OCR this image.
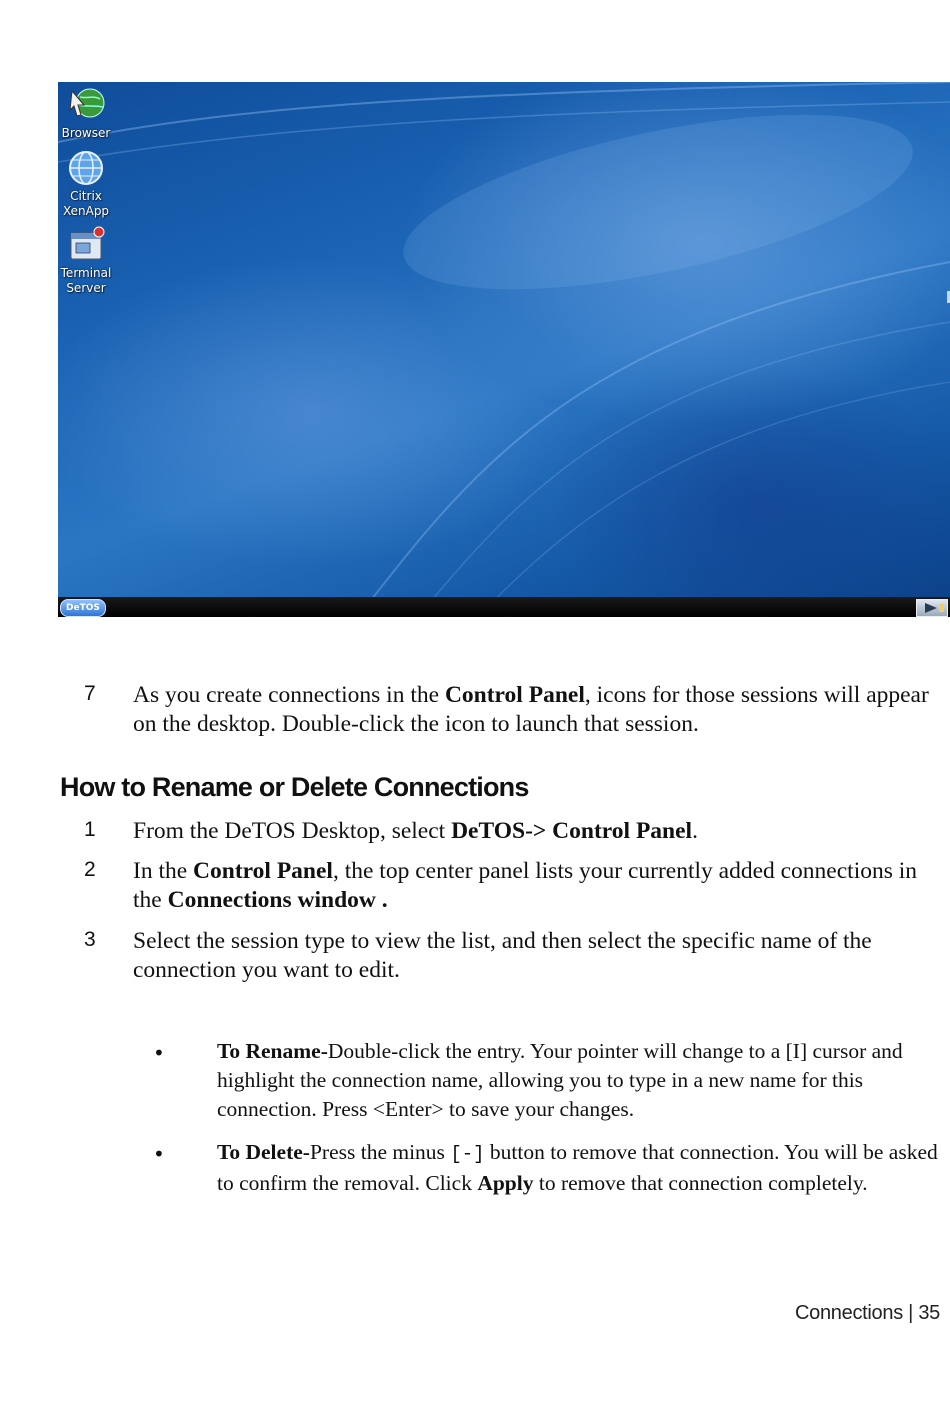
Browser
Citrix
XenApp
Terminal
Server
DeTOS
7	As you create connections in the Control Panel, icons for those sessions will appear on the desktop. Double-click the icon to launch that session.

How to Rename or Delete Connections
1	From the DeTOS Desktop, select DeTOS-> Control Panel.

2	In the Control Panel, the top center panel lists your currently added connections in the Connections window .

3	Select the session type to view the list, and then select the specific name of the connection you want to edit.

• To Rename-Double-click the entry. Your pointer will change to a [I] cursor and highlight the connection name, allowing you to type in a new name for this connection. Press <Enter> to save your changes.

• To Delete-Press the minus [-] button to remove that connection. You will be asked to confirm the removal. Click Apply to remove that connection completely.

Connections | 35
